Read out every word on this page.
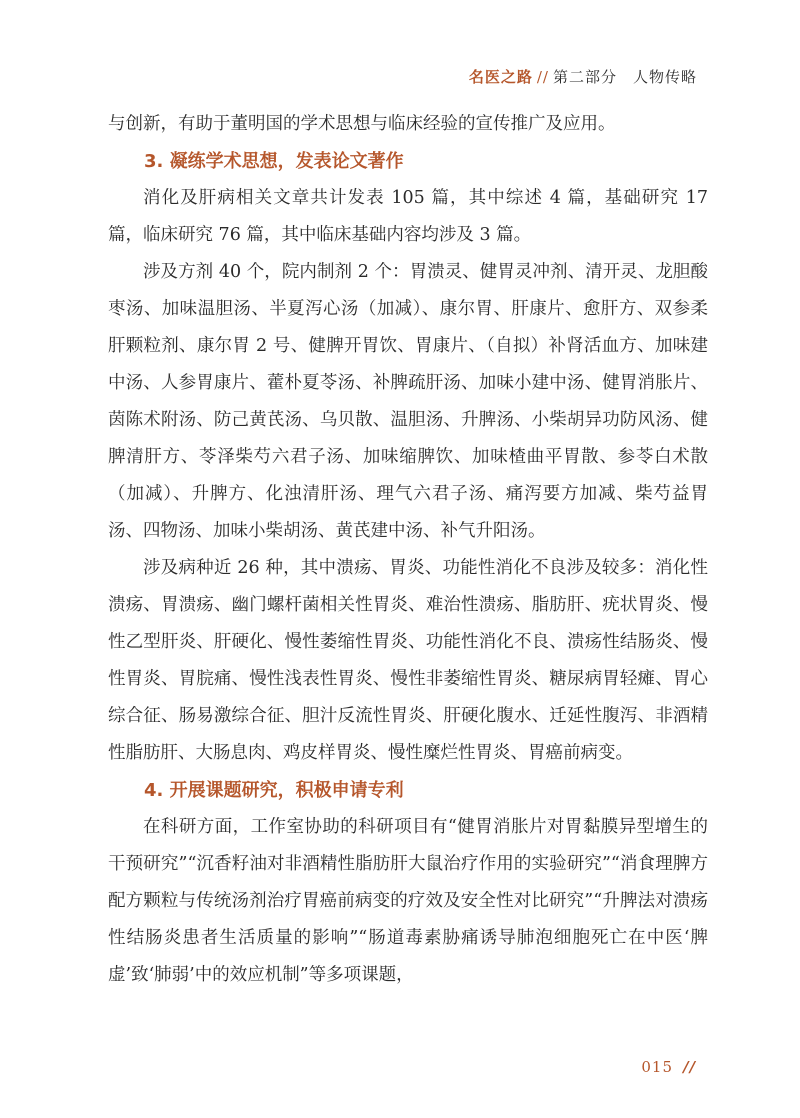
名医之路 // 第二部分　人物传略

与创新，有助于董明国的学术思想与临床经验的宣传推广及应用。

3. 凝练学术思想，发表论文著作

消化及肝病相关文章共计发表 105 篇，其中综述 4 篇，基础研究 17 篇，临床研究 76 篇，其中临床基础内容均涉及 3 篇。

涉及方剂 40 个，院内制剂 2 个：胃溃灵、健胃灵冲剂、清开灵、龙胆酸枣汤、加味温胆汤、半夏泻心汤（加减）、康尔胃、肝康片、愈肝方、双参柔肝颗粒剂、康尔胃 2 号、健脾开胃饮、胃康片、（自拟）补肾活血方、加味建中汤、人参胃康片、藿朴夏苓汤、补脾疏肝汤、加味小建中汤、健胃消胀片、茵陈术附汤、防己黄芪汤、乌贝散、温胆汤、升脾汤、小柴胡异功防风汤、健脾清肝方、苓泽柴芍六君子汤、加味缩脾饮、加味楂曲平胃散、参苓白术散（加减）、升脾方、化浊清肝汤、理气六君子汤、痛泻要方加减、柴芍益胃汤、四物汤、加味小柴胡汤、黄芪建中汤、补气升阳汤。

涉及病种近 26 种，其中溃疡、胃炎、功能性消化不良涉及较多：消化性溃疡、胃溃疡、幽门螺杆菌相关性胃炎、难治性溃疡、脂肪肝、疣状胃炎、慢性乙型肝炎、肝硬化、慢性萎缩性胃炎、功能性消化不良、溃疡性结肠炎、慢性胃炎、胃脘痛、慢性浅表性胃炎、慢性非萎缩性胃炎、糖尿病胃轻瘫、胃心综合征、肠易激综合征、胆汁反流性胃炎、肝硬化腹水、迁延性腹泻、非酒精性脂肪肝、大肠息肉、鸡皮样胃炎、慢性糜烂性胃炎、胃癌前病变。

4. 开展课题研究，积极申请专利

在科研方面，工作室协助的科研项目有“健胃消胀片对胃黏膜异型增生的干预研究”“沉香籽油对非酒精性脂肪肝大鼠治疗作用的实验研究”“消食理脾方配方颗粒与传统汤剂治疗胃癌前病变的疗效及安全性对比研究”“升脾法对溃疡性结肠炎患者生活质量的影响”“肠道毒素胁痛诱导肺泡细胞死亡在中医‘脾虚’致‘肺弱’中的效应机制”等多项课题，

015 //
